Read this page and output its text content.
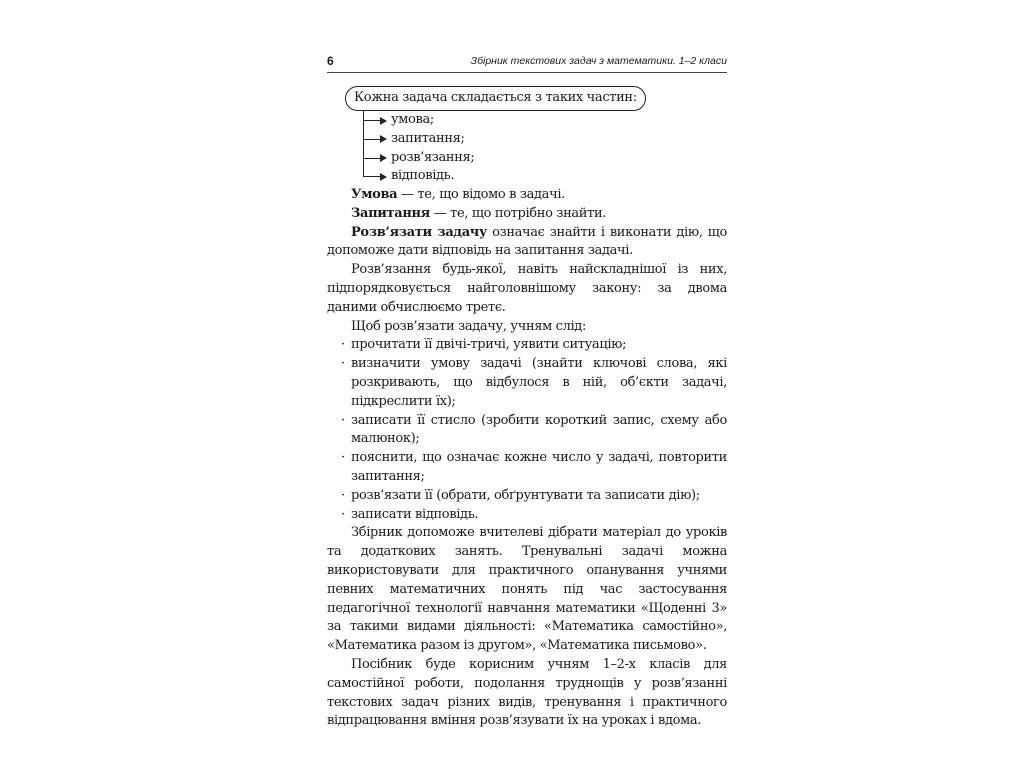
6	Збірник текстових задач з математики. 1–2 класи
Кожна задача складається з таких частин:
умова;
запитання;
розв’язання;
відповідь.

Умова — те, що відомо в задачі.

Запитання — те, що потрібно знайти.

Розв’язати задачу означає знайти і виконати дію, що допоможе дати відповідь на запитання задачі.

Розв’язання будь-якої, навіть найскладнішої із них, підпорядковується найголовнішому закону: за двома даними обчислюємо третє.

Щоб розв’язати задачу, учням слід:

· прочитати її двічі-тричі, уявити ситуацію;
· визначити умову задачі (знайти ключові слова, які розкривають, що відбулося в ній, об’єкти задачі, підкреслити їх);
· записати її стисло (зробити короткий запис, схему або малюнок);
· пояснити, що означає кожне число у задачі, повторити запитання;
· розв’язати її (обрати, обґрунтувати та записати дію);
· записати відповідь.

Збірник допоможе вчителеві дібрати матеріал до уроків та додаткових занять. Тренувальні задачі можна використовувати для практичного опанування учнями певних математичних понять під час застосування педагогічної технології навчання математики «Щоденні 3» за такими видами діяльності: «Математика самостійно», «Математика разом із другом», «Математика письмово».

Посібник буде корисним учням 1–2-х класів для самостійної роботи, подолання труднощів у розв’язанні текстових задач різних видів, тренування і практичного відпрацювання вміння розв’язувати їх на уроках і вдома.
